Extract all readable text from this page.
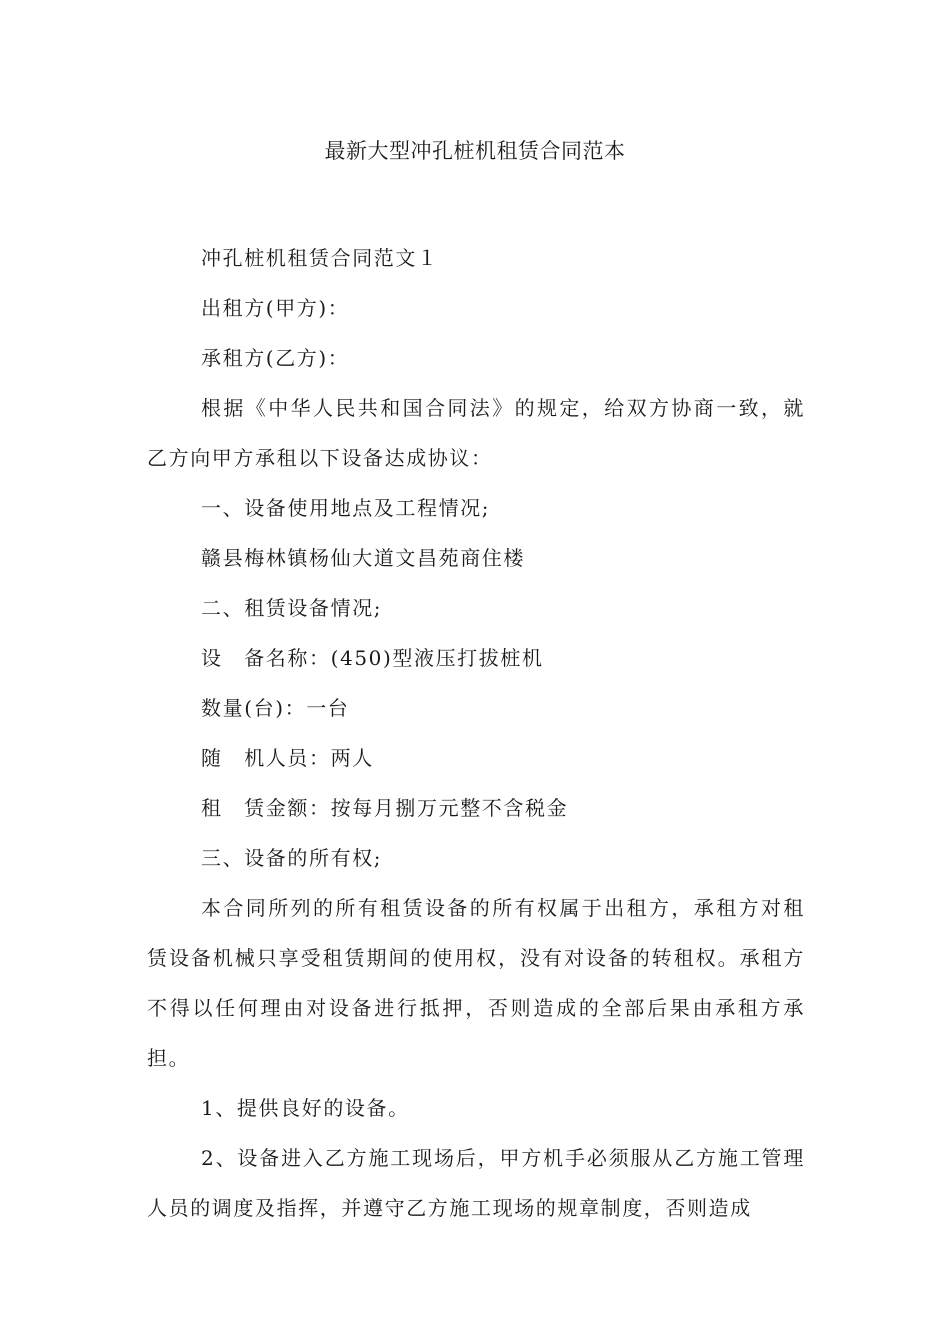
最新大型冲孔桩机租赁合同范本

冲孔桩机租赁合同范文１

出租方(甲方)：

承租方(乙方)：

根据《中华人民共和国合同法》的规定，给双方协商一致，就乙方向甲方承租以下设备达成协议：

一、设备使用地点及工程情况;

赣县梅林镇杨仙大道文昌苑商住楼

二、租赁设备情况;

设　备名称：(450)型液压打拔桩机

数量(台)：一台

随　机人员：两人

租　赁金额：按每月捌万元整不含税金

三、设备的所有权;

本合同所列的所有租赁设备的所有权属于出租方，承租方对租赁设备机械只享受租赁期间的使用权，没有对设备的转租权。承租方不得以任何理由对设备进行抵押，否则造成的全部后果由承租方承担。

1、提供良好的设备。

2、设备进入乙方施工现场后，甲方机手必须服从乙方施工管理人员的调度及指挥，并遵守乙方施工现场的规章制度，否则造成
